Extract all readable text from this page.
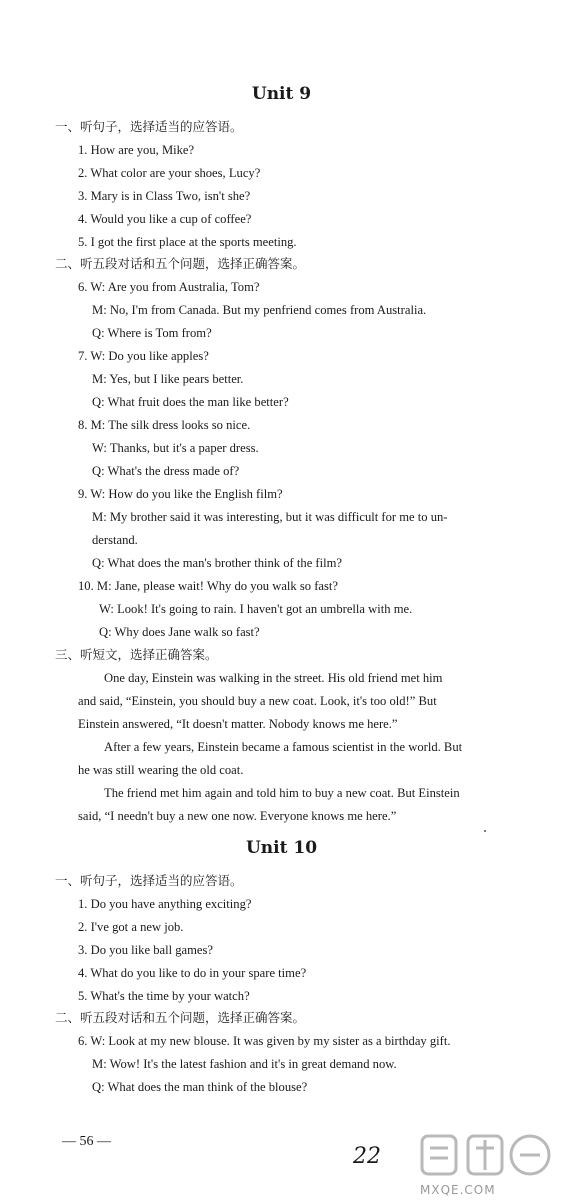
Unit 9
一、听句子，选择适当的应答语。
1. How are you, Mike?
2. What color are your shoes, Lucy?
3. Mary is in Class Two, isn't she?
4. Would you like a cup of coffee?
5. I got the first place at the sports meeting.
二、听五段对话和五个问题，选择正确答案。
6. W: Are you from Australia, Tom?
M: No, I'm from Canada. But my penfriend comes from Australia.
Q: Where is Tom from?
7. W: Do you like apples?
M: Yes, but I like pears better.
Q: What fruit does the man like better?
8. M: The silk dress looks so nice.
W: Thanks, but it's a paper dress.
Q: What's the dress made of?
9. W: How do you like the English film?
M: My brother said it was interesting, but it was difficult for me to un-
derstand.
Q: What does the man's brother think of the film?
10. M: Jane, please wait! Why do you walk so fast?
W: Look! It's going to rain. I haven't got an umbrella with me.
Q: Why does Jane walk so fast?
三、听短文，选择正确答案。
One day, Einstein was walking in the street. His old friend met him
and said, “Einstein, you should buy a new coat. Look, it's too old!” But
Einstein answered, “It doesn't matter. Nobody knows me here.”
After a few years, Einstein became a famous scientist in the world. But
he was still wearing the old coat.
The friend met him again and told him to buy a new coat. But Einstein
said, “I needn't buy a new one now. Everyone knows me here.”
Unit 10
一、听句子，选择适当的应答语。
1. Do you have anything exciting?
2. I've got a new job.
3. Do you like ball games?
4. What do you like to do in your spare time?
5. What's the time by your watch?
二、听五段对话和五个问题，选择正确答案。
6. W: Look at my new blouse. It was given by my sister as a birthday gift.
M: Wow! It's the latest fashion and it's in great demand now.
Q: What does the man think of the blouse?
— 56 —
22
MXQE.COM
